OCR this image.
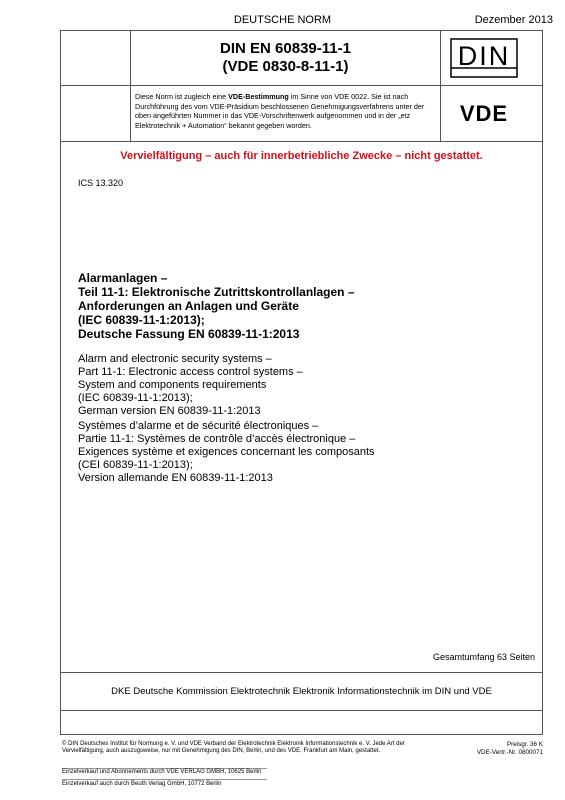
DEUTSCHE NORM	Dezember 2013
DIN EN 60839-11-1
(VDE 0830-8-11-1)	DIN
Diese Norm ist zugleich eine VDE-Bestimmung im Sinne von VDE 0022. Sie ist nach Durchführung des vom VDE-Präsidium beschlossenen Genehmigungsverfahrens unter der oben angeführten Nummer in das VDE-Vorschriftenwerk aufgenommen und in der „etz Elektrotechnik + Automation“ bekannt gegeben worden.	VDE
Vervielfältigung – auch für innerbetriebliche Zwecke – nicht gestattet.
ICS 13.320
Alarmanlagen –
Teil 11-1: Elektronische Zutrittskontrollanlagen –
Anforderungen an Anlagen und Geräte
(IEC 60839-11-1:2013);
Deutsche Fassung EN 60839-11-1:2013
Alarm and electronic security systems –
Part 11-1: Electronic access control systems –
System and components requirements
(IEC 60839-11-1:2013);
German version EN 60839-11-1:2013
Systèmes d’alarme et de sécurité électroniques –
Partie 11-1: Systèmes de contrôle d’accès électronique –
Exigences système et exigences concernant les composants
(CEI 60839-11-1:2013);
Version allemande EN 60839-11-1:2013
Gesamtumfang 63 Seiten
DKE Deutsche Kommission Elektrotechnik Elektronik Informationstechnik im DIN und VDE
© DIN Deutsches Institut für Normung e. V. und VDE Verband der Elektrotechnik Elektronik Informationstechnik e. V. Jede Art der Vervielfältigung, auch auszugsweise, nur mit Genehmigung des DIN, Berlin, und des VDE, Frankfurt am Main, gestattet.
Preisgr. 36 K
VDE-Vertr.-Nr. 0800071
Einzelverkauf und Abonnements durch VDE VERLAG GMBH, 10625 Berlin
Einzelverkauf auch durch Beuth Verlag GmbH, 10772 Berlin
